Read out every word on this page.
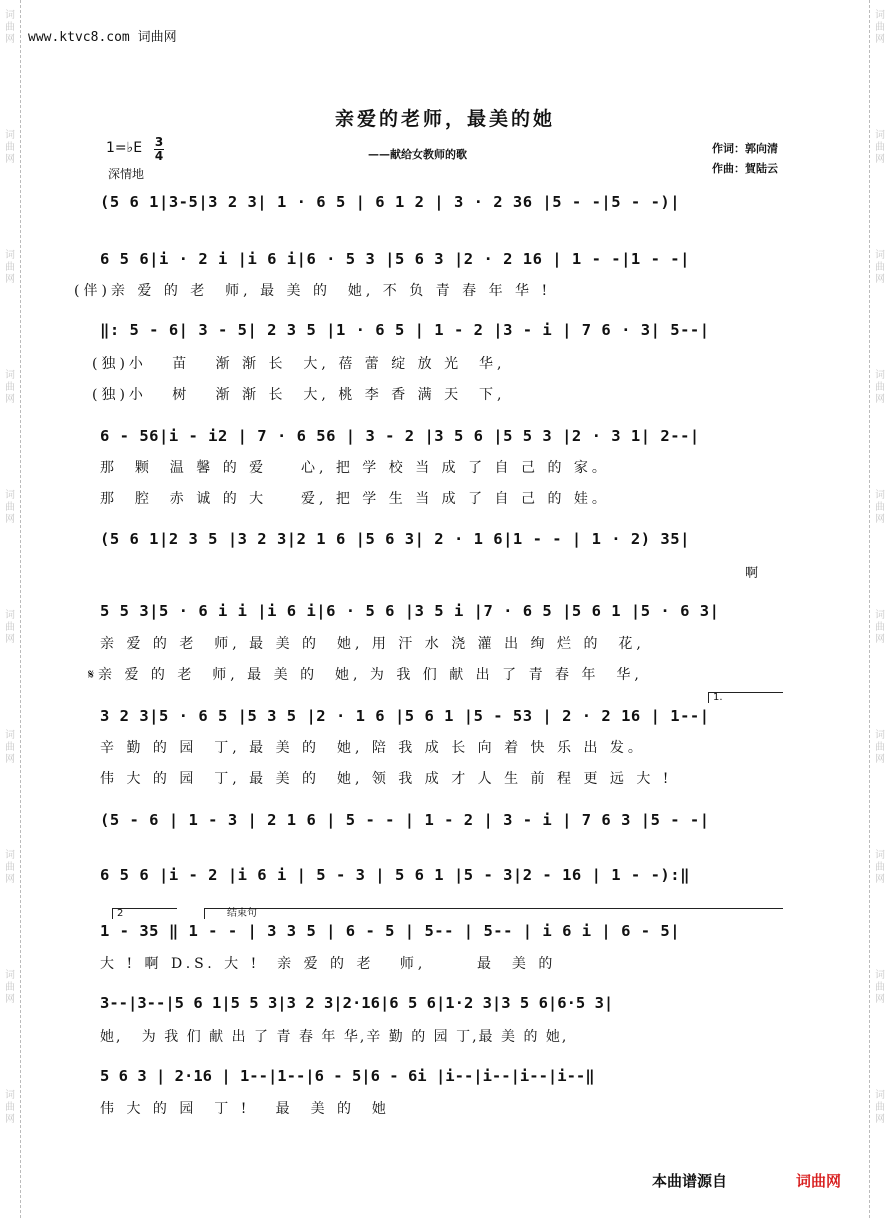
词曲网
词曲网
词曲网
词曲网
词曲网
词曲网
词曲网
词曲网
词曲网
词曲网
词曲网
词曲网
词曲网
词曲网
词曲网
词曲网
词曲网
词曲网
词曲网
词曲网
www.ktvc8.com 词曲网
亲爱的老师，最美的她
1=♭E 3
4
深情地
——献给女教师的歌	作词：郭向清
作曲：賀陆云
(5 6 1|3-5|3 2 3| 1 · 6 5 | 6 1 2 | 3 · 2 36 |5 - -|5 - -)|
6 5 6|i · 2 i |i 6 i|6 · 5 3 |5 6 3 |2 · 2 16 | 1 - -|1 - -|
(伴)亲 爱 的 老  师, 最 美 的  她, 不 负 青 春 年 华 !
‖: 5 - 6| 3 - 5| 2 3 5 |1 · 6 5 | 1 - 2 |3 - i | 7 6 · 3| 5--|
(独)小   苗   渐 渐 长  大, 蓓 蕾 绽 放 光  华,
(独)小   树   渐 渐 长  大, 桃 李 香 满 天  下,
6 - 56|i - i2 | 7 · 6 56 | 3 - 2 |3 5 6 |5 5 3 |2 · 3 1| 2--|
那  颗  温 馨 的 爱    心, 把 学 校 当 成 了 自 己 的 家。
那  腔  赤 诚 的 大    爱, 把 学 生 当 成 了 自 己 的 娃。
(5 6 1|2 3 5 |3 2 3|2 1 6 |5 6 3| 2 · 1 6|1 - - | 1 · 2) 35|
啊
5 5 3|5 · 6 i i |i 6 i|6 · 5 6 |3 5 i |7 · 6 5 |5 6 1 |5 · 6 3|
亲 爱 的 老  师, 最 美 的  她, 用 汗 水 浇 灌 出 绚 烂 的  花,
𝄋亲 爱 的 老  师, 最 美 的  她, 为 我 们 献 出 了 青 春 年  华,
1.
3 2 3|5 · 6 5 |5 3 5 |2 · 1 6 |5 6 1 |5 - 53 | 2 · 2 16 | 1--|
辛 勤 的 园  丁, 最 美 的  她, 陪 我 成 长 向 着 快 乐 出 发。
伟 大 的 园  丁, 最 美 的  她, 领 我 成 才 人 生 前 程 更 远 大 !
(5 - 6 | 1 - 3 | 2 1 6 | 5 - - | 1 - 2 | 3 - i | 7 6 3 |5 - -|
6 5 6 |i - 2 |i 6 i | 5 - 3 | 5 6 1 |5 - 3|2 - 16 | 1 - -):‖
2	结束句
1 - 35 ‖ 1 - - | 3 3 5 | 6 - 5 | 5-- | 5-- | i 6 i | 6 - 5|
大 ! 啊 D.S. 大 !  亲 爱 的 老   师,      最  美 的
3--|3--|5 6 1|5 5 3|3 2 3|2·16|6 5 6|1·2 3|3 5 6|6·5 3|
她,   为 我 们 献 出 了 青 春 年 华,辛 勤 的 园 丁,最 美 的 她,
5 6 3 | 2·16 | 1--|1--|6 - 5|6 - 6i |i--|i--|i--|i--‖
伟 大 的 园  丁 !   最  美 的  她
本曲谱源自	词曲网
